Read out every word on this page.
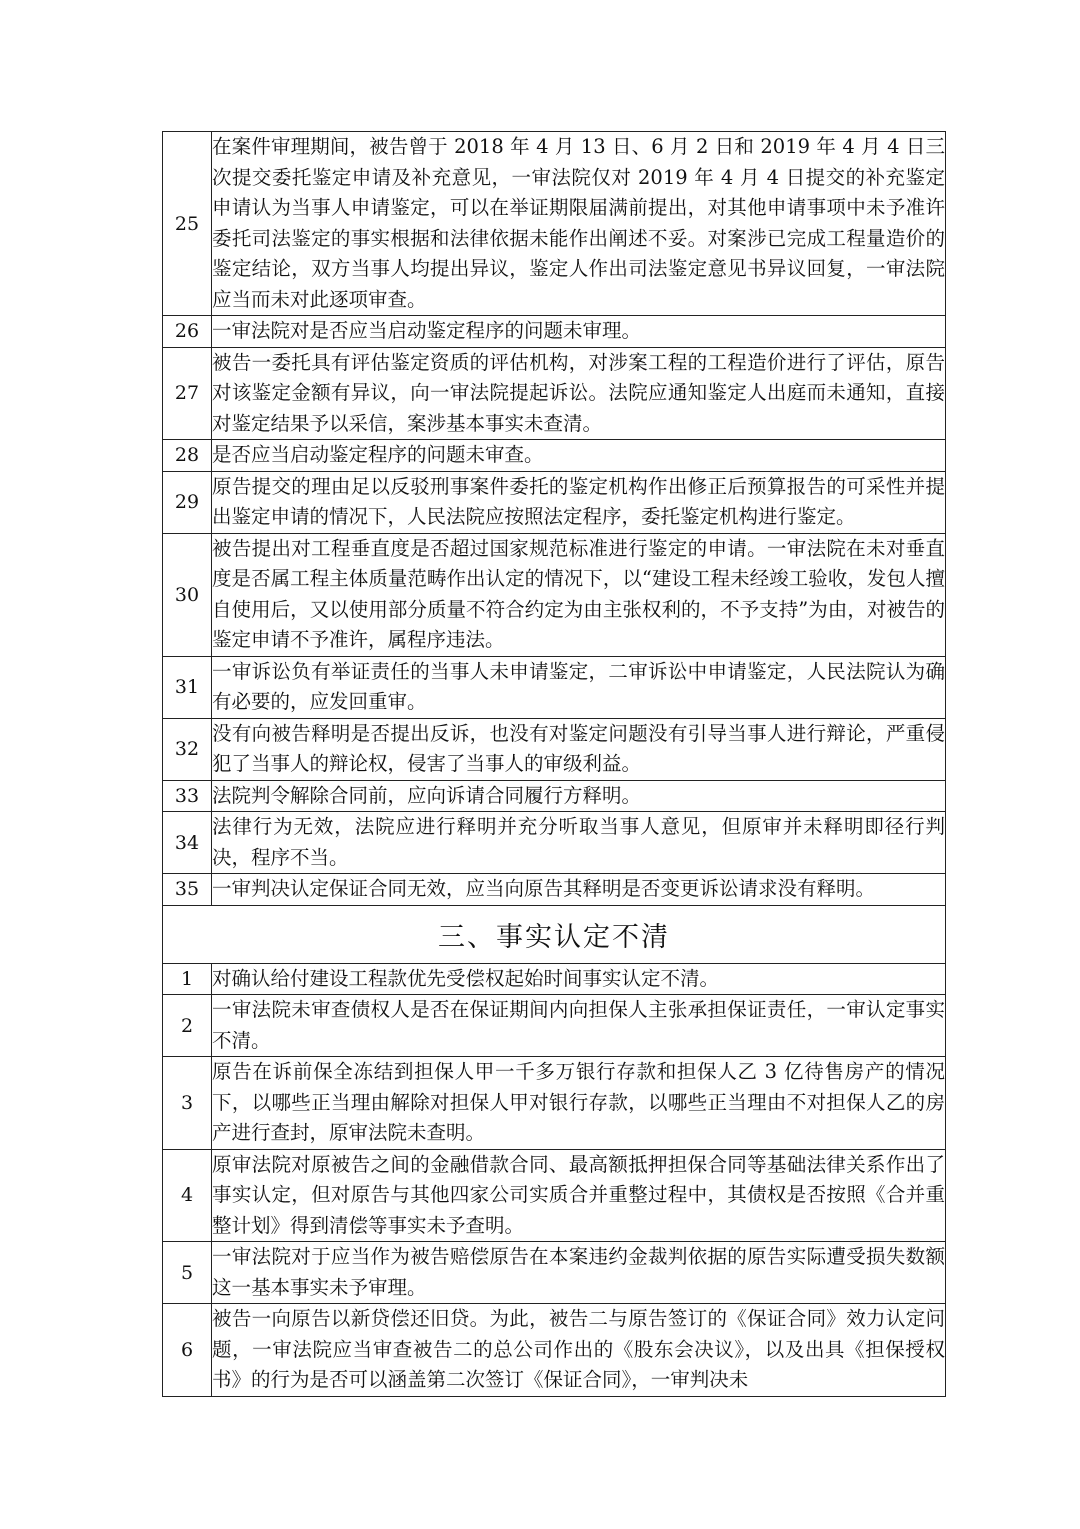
25	在案件审理期间，被告曾于 2018 年 4 月 13 日、6 月 2 日和 2019 年 4 月 4 日三次提交委托鉴定申请及补充意见，一审法院仅对 2019 年 4 月 4 日提交的补充鉴定申请认为当事人申请鉴定，可以在举证期限届满前提出，对其他申请事项中未予准许委托司法鉴定的事实根据和法律依据未能作出阐述不妥。对案涉已完成工程量造价的鉴定结论，双方当事人均提出异议，鉴定人作出司法鉴定意见书异议回复，一审法院应当而未对此逐项审查。
26	一审法院对是否应当启动鉴定程序的问题未审理。
27	被告一委托具有评估鉴定资质的评估机构，对涉案工程的工程造价进行了评估，原告对该鉴定金额有异议，向一审法院提起诉讼。法院应通知鉴定人出庭而未通知，直接对鉴定结果予以采信，案涉基本事实未查清。
28	是否应当启动鉴定程序的问题未审查。
29	原告提交的理由足以反驳刑事案件委托的鉴定机构作出修正后预算报告的可采性并提出鉴定申请的情况下，人民法院应按照法定程序，委托鉴定机构进行鉴定。
30	被告提出对工程垂直度是否超过国家规范标准进行鉴定的申请。一审法院在未对垂直度是否属工程主体质量范畴作出认定的情况下，以“建设工程未经竣工验收，发包人擅自使用后，又以使用部分质量不符合约定为由主张权利的，不予支持”为由，对被告的鉴定申请不予准许，属程序违法。
31	一审诉讼负有举证责任的当事人未申请鉴定，二审诉讼中申请鉴定，人民法院认为确有必要的，应发回重审。
32	没有向被告释明是否提出反诉，也没有对鉴定问题没有引导当事人进行辩论，严重侵犯了当事人的辩论权，侵害了当事人的审级利益。
33	法院判令解除合同前，应向诉请合同履行方释明。
34	法律行为无效，法院应进行释明并充分听取当事人意见，但原审并未释明即径行判决，程序不当。
35	一审判决认定保证合同无效，应当向原告其释明是否变更诉讼请求没有释明。
三、事实认定不清	
1	对确认给付建设工程款优先受偿权起始时间事实认定不清。
2	一审法院未审查债权人是否在保证期间内向担保人主张承担保证责任，一审认定事实不清。
3	原告在诉前保全冻结到担保人甲一千多万银行存款和担保人乙 3 亿待售房产的情况下，以哪些正当理由解除对担保人甲对银行存款，以哪些正当理由不对担保人乙的房产进行查封，原审法院未查明。
4	原审法院对原被告之间的金融借款合同、最高额抵押担保合同等基础法律关系作出了事实认定，但对原告与其他四家公司实质合并重整过程中，其债权是否按照《合并重整计划》得到清偿等事实未予查明。
5	一审法院对于应当作为被告赔偿原告在本案违约金裁判依据的原告实际遭受损失数额这一基本事实未予审理。
6	被告一向原告以新贷偿还旧贷。为此，被告二与原告签订的《保证合同》效力认定问题，一审法院应当审查被告二的总公司作出的《股东会决议》，以及出具《担保授权书》的行为是否可以涵盖第二次签订《保证合同》，一审判决未
